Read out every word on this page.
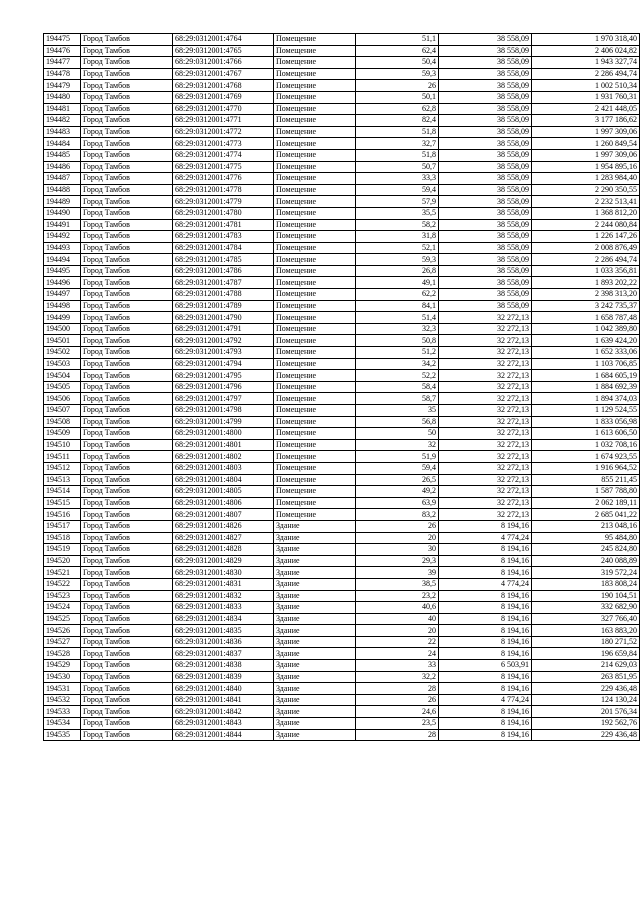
194475	Город Тамбов	68:29:0312001:4764	Помещение	51,1	38 558,09	1 970 318,40
194476	Город Тамбов	68:29:0312001:4765	Помещение	62,4	38 558,09	2 406 024,82
194477	Город Тамбов	68:29:0312001:4766	Помещение	50,4	38 558,09	1 943 327,74
194478	Город Тамбов	68:29:0312001:4767	Помещение	59,3	38 558,09	2 286 494,74
194479	Город Тамбов	68:29:0312001:4768	Помещение	26	38 558,09	1 002 510,34
194480	Город Тамбов	68:29:0312001:4769	Помещение	50,1	38 558,09	1 931 760,31
194481	Город Тамбов	68:29:0312001:4770	Помещение	62,8	38 558,09	2 421 448,05
194482	Город Тамбов	68:29:0312001:4771	Помещение	82,4	38 558,09	3 177 186,62
194483	Город Тамбов	68:29:0312001:4772	Помещение	51,8	38 558,09	1 997 309,06
194484	Город Тамбов	68:29:0312001:4773	Помещение	32,7	38 558,09	1 260 849,54
194485	Город Тамбов	68:29:0312001:4774	Помещение	51,8	38 558,09	1 997 309,06
194486	Город Тамбов	68:29:0312001:4775	Помещение	50,7	38 558,09	1 954 895,16
194487	Город Тамбов	68:29:0312001:4776	Помещение	33,3	38 558,09	1 283 984,40
194488	Город Тамбов	68:29:0312001:4778	Помещение	59,4	38 558,09	2 290 350,55
194489	Город Тамбов	68:29:0312001:4779	Помещение	57,9	38 558,09	2 232 513,41
194490	Город Тамбов	68:29:0312001:4780	Помещение	35,5	38 558,09	1 368 812,20
194491	Город Тамбов	68:29:0312001:4781	Помещение	58,2	38 558,09	2 244 080,84
194492	Город Тамбов	68:29:0312001:4783	Помещение	31,8	38 558,09	1 226 147,26
194493	Город Тамбов	68:29:0312001:4784	Помещение	52,1	38 558,09	2 008 876,49
194494	Город Тамбов	68:29:0312001:4785	Помещение	59,3	38 558,09	2 286 494,74
194495	Город Тамбов	68:29:0312001:4786	Помещение	26,8	38 558,09	1 033 356,81
194496	Город Тамбов	68:29:0312001:4787	Помещение	49,1	38 558,09	1 893 202,22
194497	Город Тамбов	68:29:0312001:4788	Помещение	62,2	38 558,09	2 398 313,20
194498	Город Тамбов	68:29:0312001:4789	Помещение	84,1	38 558,09	3 242 735,37
194499	Город Тамбов	68:29:0312001:4790	Помещение	51,4	32 272,13	1 658 787,48
194500	Город Тамбов	68:29:0312001:4791	Помещение	32,3	32 272,13	1 042 389,80
194501	Город Тамбов	68:29:0312001:4792	Помещение	50,8	32 272,13	1 639 424,20
194502	Город Тамбов	68:29:0312001:4793	Помещение	51,2	32 272,13	1 652 333,06
194503	Город Тамбов	68:29:0312001:4794	Помещение	34,2	32 272,13	1 103 706,85
194504	Город Тамбов	68:29:0312001:4795	Помещение	52,2	32 272,13	1 684 605,19
194505	Город Тамбов	68:29:0312001:4796	Помещение	58,4	32 272,13	1 884 692,39
194506	Город Тамбов	68:29:0312001:4797	Помещение	58,7	32 272,13	1 894 374,03
194507	Город Тамбов	68:29:0312001:4798	Помещение	35	32 272,13	1 129 524,55
194508	Город Тамбов	68:29:0312001:4799	Помещение	56,8	32 272,13	1 833 056,98
194509	Город Тамбов	68:29:0312001:4800	Помещение	50	32 272,13	1 613 606,50
194510	Город Тамбов	68:29:0312001:4801	Помещение	32	32 272,13	1 032 708,16
194511	Город Тамбов	68:29:0312001:4802	Помещение	51,9	32 272,13	1 674 923,55
194512	Город Тамбов	68:29:0312001:4803	Помещение	59,4	32 272,13	1 916 964,52
194513	Город Тамбов	68:29:0312001:4804	Помещение	26,5	32 272,13	855 211,45
194514	Город Тамбов	68:29:0312001:4805	Помещение	49,2	32 272,13	1 587 788,80
194515	Город Тамбов	68:29:0312001:4806	Помещение	63,9	32 272,13	2 062 189,11
194516	Город Тамбов	68:29:0312001:4807	Помещение	83,2	32 272,13	2 685 041,22
194517	Город Тамбов	68:29:0312001:4826	Здание	26	8 194,16	213 048,16
194518	Город Тамбов	68:29:0312001:4827	Здание	20	4 774,24	95 484,80
194519	Город Тамбов	68:29:0312001:4828	Здание	30	8 194,16	245 824,80
194520	Город Тамбов	68:29:0312001:4829	Здание	29,3	8 194,16	240 088,89
194521	Город Тамбов	68:29:0312001:4830	Здание	39	8 194,16	319 572,24
194522	Город Тамбов	68:29:0312001:4831	Здание	38,5	4 774,24	183 808,24
194523	Город Тамбов	68:29:0312001:4832	Здание	23,2	8 194,16	190 104,51
194524	Город Тамбов	68:29:0312001:4833	Здание	40,6	8 194,16	332 682,90
194525	Город Тамбов	68:29:0312001:4834	Здание	40	8 194,16	327 766,40
194526	Город Тамбов	68:29:0312001:4835	Здание	20	8 194,16	163 883,20
194527	Город Тамбов	68:29:0312001:4836	Здание	22	8 194,16	180 271,52
194528	Город Тамбов	68:29:0312001:4837	Здание	24	8 194,16	196 659,84
194529	Город Тамбов	68:29:0312001:4838	Здание	33	6 503,91	214 629,03
194530	Город Тамбов	68:29:0312001:4839	Здание	32,2	8 194,16	263 851,95
194531	Город Тамбов	68:29:0312001:4840	Здание	28	8 194,16	229 436,48
194532	Город Тамбов	68:29:0312001:4841	Здание	26	4 774,24	124 130,24
194533	Город Тамбов	68:29:0312001:4842	Здание	24,6	8 194,16	201 576,34
194534	Город Тамбов	68:29:0312001:4843	Здание	23,5	8 194,16	192 562,76
194535	Город Тамбов	68:29:0312001:4844	Здание	28	8 194,16	229 436,48
